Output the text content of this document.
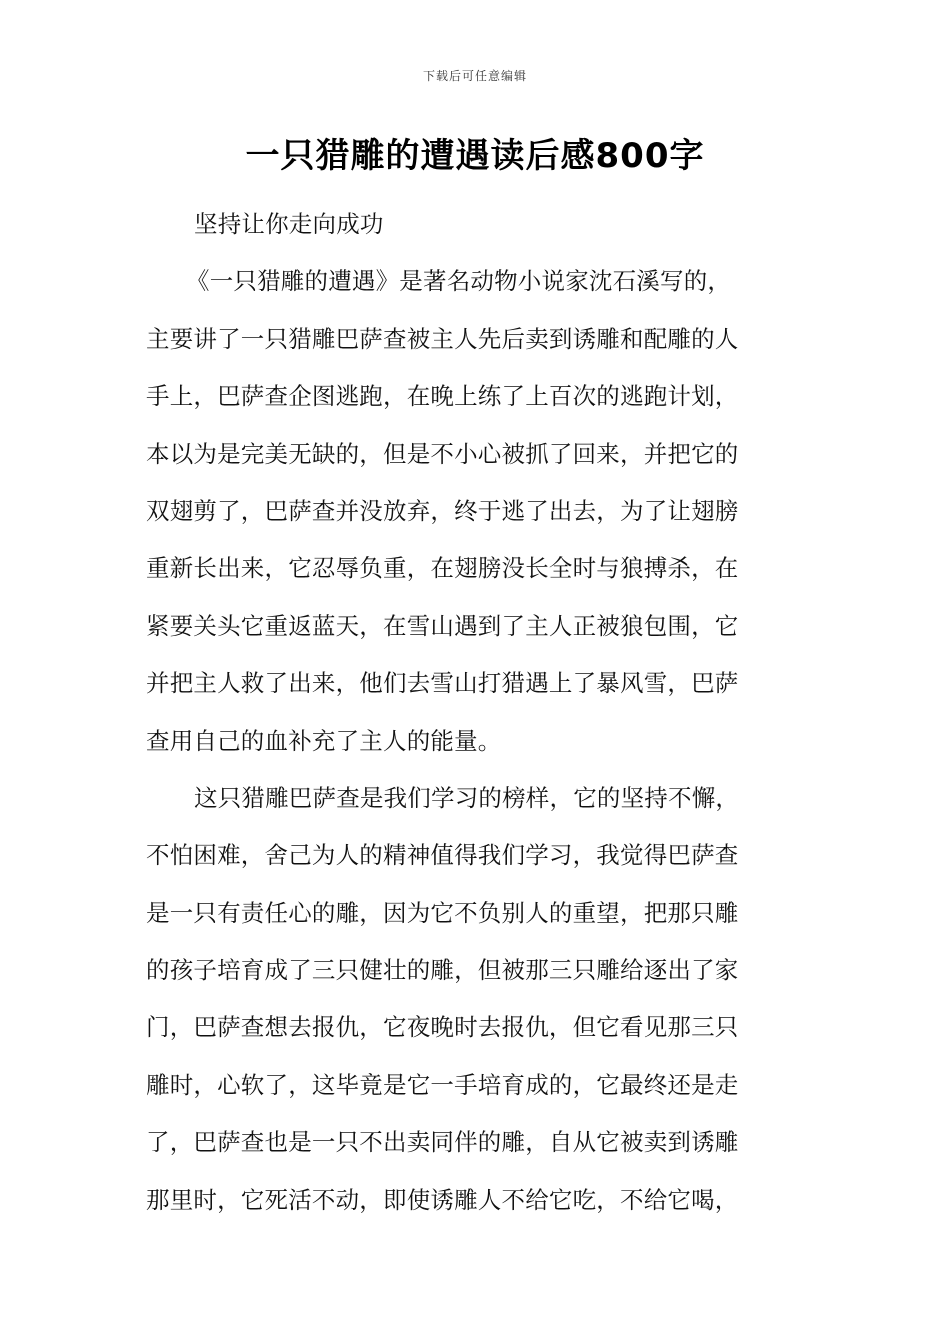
下载后可任意编辑
一只猎雕的遭遇读后感800字
坚持让你走向成功
《一只猎雕的遭遇》是著名动物小说家沈石溪写的，
主要讲了一只猎雕巴萨查被主人先后卖到诱雕和配雕的人
手上，巴萨查企图逃跑，在晚上练了上百次的逃跑计划，
本以为是完美无缺的，但是不小心被抓了回来，并把它的
双翅剪了，巴萨查并没放弃，终于逃了出去，为了让翅膀
重新长出来，它忍辱负重，在翅膀没长全时与狼搏杀，在
紧要关头它重返蓝天，在雪山遇到了主人正被狼包围，它
并把主人救了出来，他们去雪山打猎遇上了暴风雪，巴萨
查用自己的血补充了主人的能量。
这只猎雕巴萨查是我们学习的榜样，它的坚持不懈，
不怕困难，舍己为人的精神值得我们学习，我觉得巴萨查
是一只有责任心的雕，因为它不负别人的重望，把那只雕
的孩子培育成了三只健壮的雕，但被那三只雕给逐出了家
门，巴萨查想去报仇，它夜晚时去报仇，但它看见那三只
雕时，心软了，这毕竟是它一手培育成的，它最终还是走
了，巴萨查也是一只不出卖同伴的雕，自从它被卖到诱雕
那里时，它死活不动，即使诱雕人不给它吃，不给它喝，
